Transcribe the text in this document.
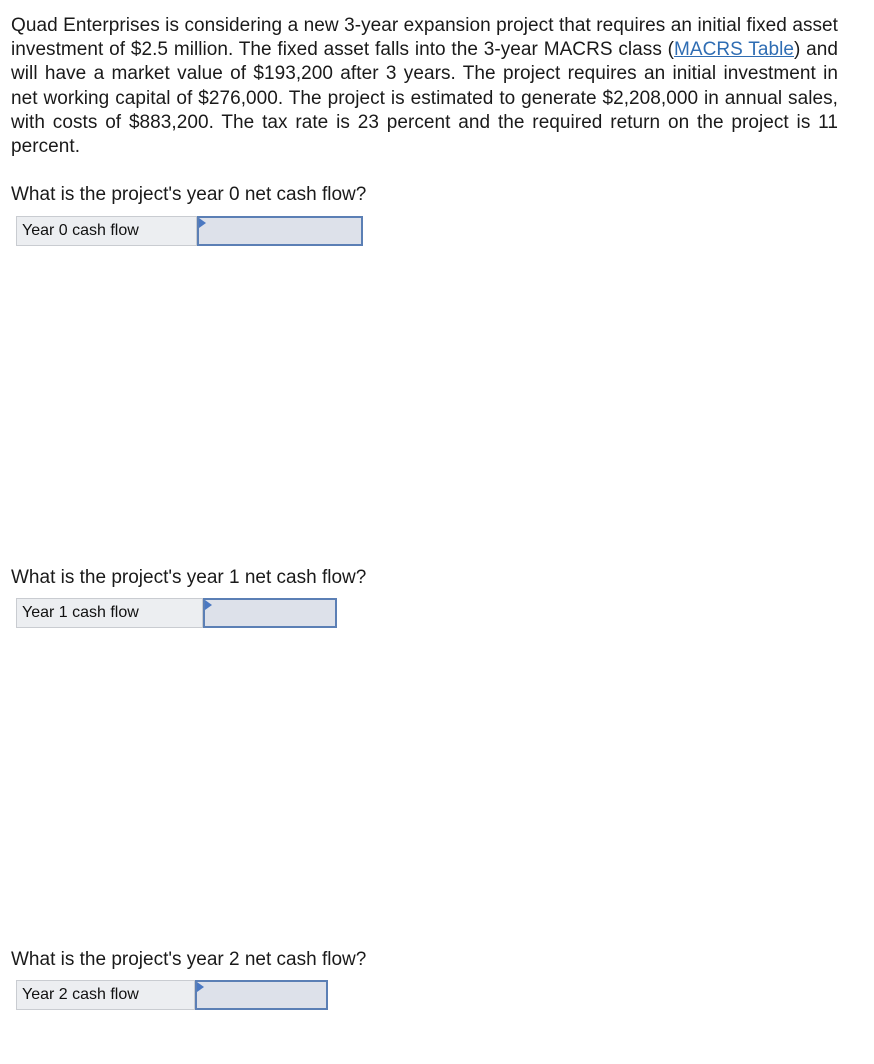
Quad Enterprises is considering a new 3-year expansion project that requires an initial fixed asset investment of $2.5 million. The fixed asset falls into the 3-year MACRS class (MACRS Table) and will have a market value of $193,200 after 3 years. The project requires an initial investment in net working capital of $276,000. The project is estimated to generate $2,208,000 in annual sales, with costs of $883,200. The tax rate is 23 percent and the required return on the project is 11 percent.
What is the project's year 0 net cash flow?
Year 0 cash flow
What is the project's year 1 net cash flow?
Year 1 cash flow
What is the project's year 2 net cash flow?
Year 2 cash flow
